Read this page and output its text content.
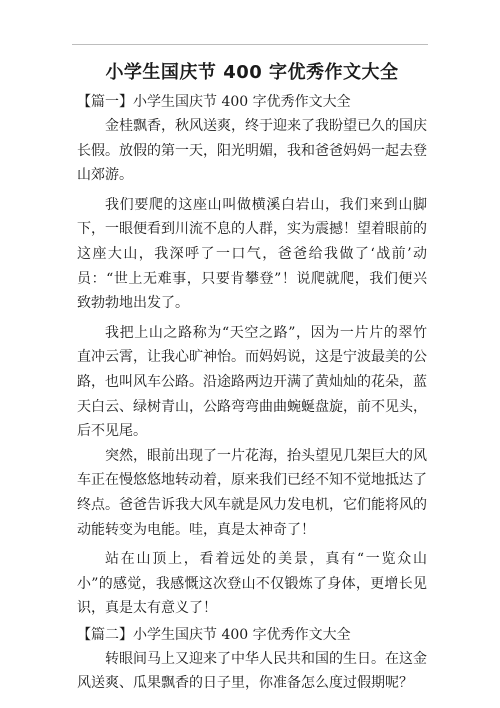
小学生国庆节 400 字优秀作文大全

【篇一】小学生国庆节 400 字优秀作文大全

金桂飘香，秋风送爽，终于迎来了我盼望已久的国庆长假。放假的第一天，阳光明媚，我和爸爸妈妈一起去登山郊游。

我们要爬的这座山叫做横溪白岩山，我们来到山脚下，一眼便看到川流不息的人群，实为震撼！望着眼前的这座大山，我深呼了一口气，爸爸给我做了‘战前’动员：“世上无难事，只要肯攀登”！说爬就爬，我们便兴致勃勃地出发了。

我把上山之路称为“天空之路”，因为一片片的翠竹直冲云霄，让我心旷神怡。而妈妈说，这是宁波最美的公路，也叫风车公路。沿途路两边开满了黄灿灿的花朵，蓝天白云、绿树青山，公路弯弯曲曲蜿蜒盘旋，前不见头，后不见尾。

突然，眼前出现了一片花海，抬头望见几架巨大的风车正在慢悠悠地转动着，原来我们已经不知不觉地抵达了终点。爸爸告诉我大风车就是风力发电机，它们能将风的动能转变为电能。哇，真是太神奇了！

站在山顶上，看着远处的美景，真有“一览众山小”的感觉，我感慨这次登山不仅锻炼了身体，更增长见识，真是太有意义了！

【篇二】小学生国庆节 400 字优秀作文大全

转眼间马上又迎来了中华人民共和国的生日。在这金风送爽、瓜果飘香的日子里，你准备怎么度过假期呢？
